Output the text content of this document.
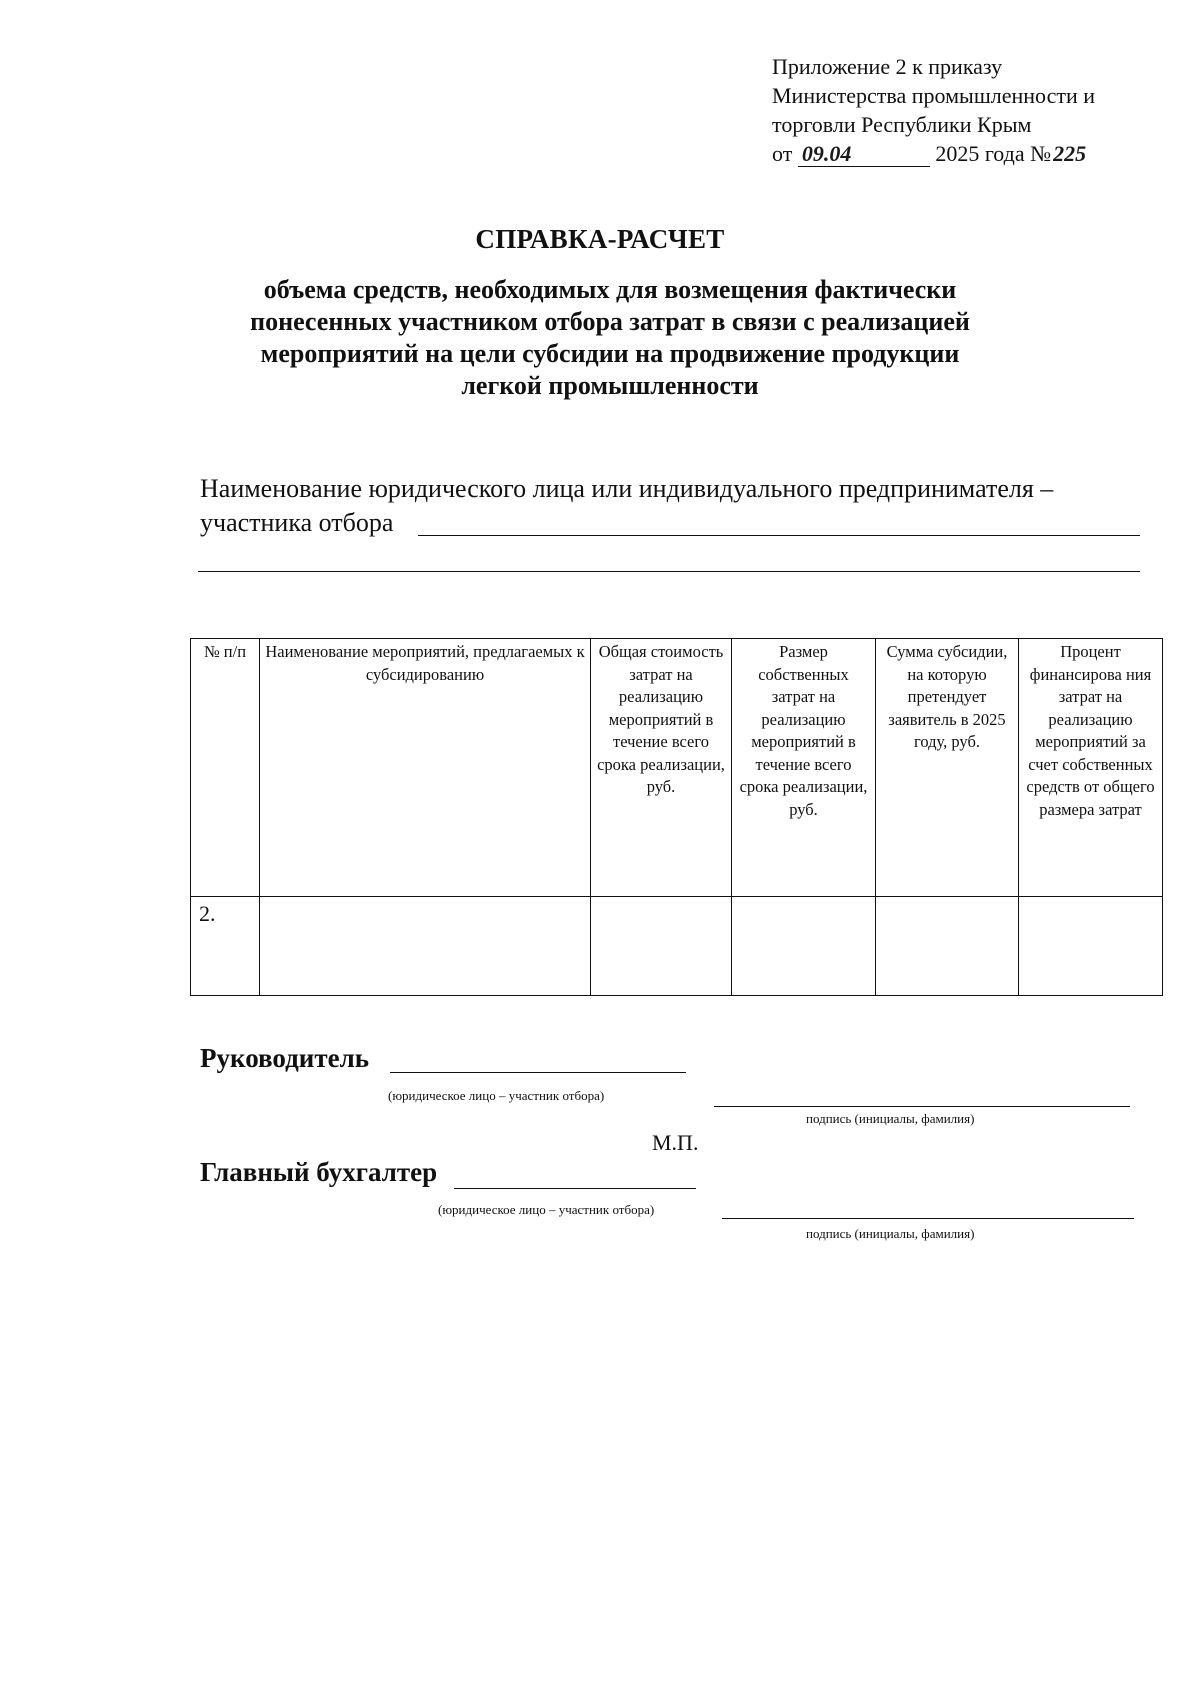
Приложение 2 к приказу
Министерства промышленности и
торговли Республики Крым
от 09.04	2025 года №225
СПРАВКА-РАСЧЕТ
объема средств, необходимых для возмещения фактически понесенных участником отбора затрат в связи с реализацией мероприятий на цели субсидии на продвижение продукции легкой промышленности
Наименование юридического лица или индивидуального предпринимателя –
участника отбора
№ п/п	Наименование мероприятий, предлагаемых к субсидированию	Общая стоимость затрат на реализацию мероприятий в течение всего срока реализации, руб.	Размер собственных затрат на реализацию мероприятий в течение всего срока реализации, руб.	Сумма субсидии, на которую претендует заявитель в 2025 году, руб.	Процент финансирова ния затрат на реализацию мероприятий за счет собственных средств от общего размера затрат
2.					
Руководитель
(юридическое лицо – участник отбора)
подпись (инициалы, фамилия)
М.П.
Главный бухгалтер
(юридическое лицо – участник отбора)
подпись (инициалы, фамилия)
